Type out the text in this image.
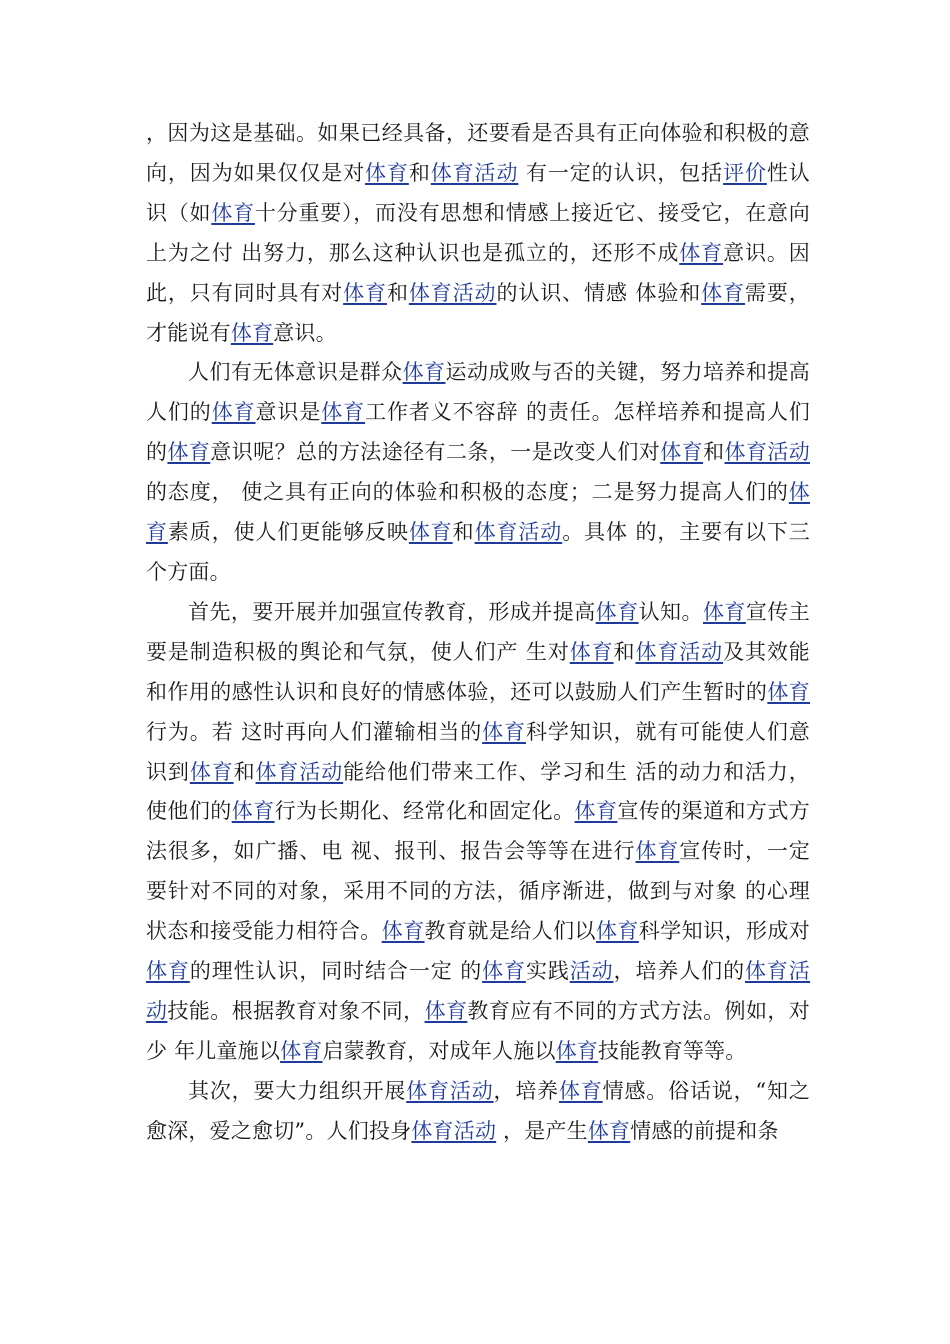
，因为这是基础。如果已经具备，还要看是否具有正向体验和积极的意向，因为如果仅仅是对体育和体育活动 有一定的认识，包括评价性认识（如体育十分重要），而没有思想和情感上接近它、接受它，在意向上为之付 出努力，那么这种认识也是孤立的，还形不成体育意识。因此，只有同时具有对体育和体育活动的认识、情感 体验和体育需要，才能说有体育意识。

人们有无体意识是群众体育运动成败与否的关键，努力培养和提高人们的体育意识是体育工作者义不容辞 的责任。怎样培养和提高人们的体育意识呢？总的方法途径有二条，一是改变人们对体育和体育活动的态度， 使之具有正向的体验和积极的态度；二是努力提高人们的体育素质，使人们更能够反映体育和体育活动。具体 的，主要有以下三个方面。

首先，要开展并加强宣传教育，形成并提高体育认知。体育宣传主要是制造积极的舆论和气氛，使人们产 生对体育和体育活动及其效能和作用的感性认识和良好的情感体验，还可以鼓励人们产生暂时的体育行为。若 这时再向人们灌输相当的体育科学知识，就有可能使人们意识到体育和体育活动能给他们带来工作、学习和生 活的动力和活力，使他们的体育行为长期化、经常化和固定化。体育宣传的渠道和方式方法很多，如广播、电 视、报刊、报告会等等在进行体育宣传时，一定要针对不同的对象，采用不同的方法，循序渐进，做到与对象 的心理状态和接受能力相符合。体育教育就是给人们以体育科学知识，形成对体育的理性认识，同时结合一定 的体育实践活动，培养人们的体育活动技能。根据教育对象不同，体育教育应有不同的方式方法。例如，对少 年儿童施以体育启蒙教育，对成年人施以体育技能教育等等。

其次，要大力组织开展体育活动，培养体育情感。俗话说，“知之愈深，爱之愈切”。人们投身体育活动 ，是产生体育情感的前提和条
